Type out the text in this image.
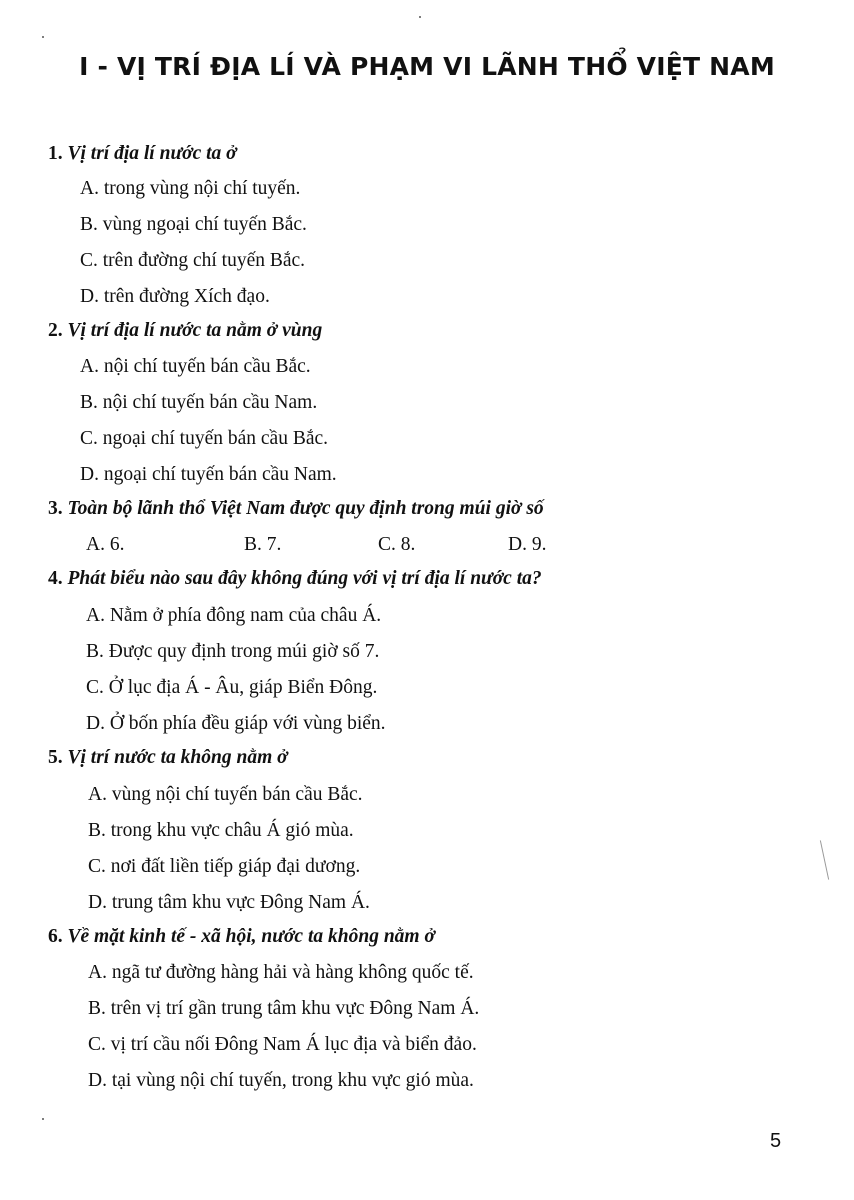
I - VỊ TRÍ ĐỊA LÍ VÀ PHẠM VI LÃNH THỔ VIỆT NAM
1. Vị trí địa lí nước ta ở
A. trong vùng nội chí tuyến.
B. vùng ngoại chí tuyến Bắc.
C. trên đường chí tuyến Bắc.
D. trên đường Xích đạo.
2. Vị trí địa lí nước ta nằm ở vùng
A. nội chí tuyến bán cầu Bắc.
B. nội chí tuyến bán cầu Nam.
C. ngoại chí tuyến bán cầu Bắc.
D. ngoại chí tuyến bán cầu Nam.
3. Toàn bộ lãnh thổ Việt Nam được quy định trong múi giờ số
A. 6.	B. 7.	C. 8.	D. 9.
4. Phát biểu nào sau đây không đúng với vị trí địa lí nước ta?
A. Nằm ở phía đông nam của châu Á.
B. Được quy định trong múi giờ số 7.
C. Ở lục địa Á - Âu, giáp Biển Đông.
D. Ở bốn phía đều giáp với vùng biển.
5. Vị trí nước ta không nằm ở
A. vùng nội chí tuyến bán cầu Bắc.
B. trong khu vực châu Á gió mùa.
C. nơi đất liền tiếp giáp đại dương.
D. trung tâm khu vực Đông Nam Á.
6. Về mặt kinh tế - xã hội, nước ta không nằm ở
A. ngã tư đường hàng hải và hàng không quốc tế.
B. trên vị trí gần trung tâm khu vực Đông Nam Á.
C. vị trí cầu nối Đông Nam Á lục địa và biển đảo.
D. tại vùng nội chí tuyến, trong khu vực gió mùa.
5
